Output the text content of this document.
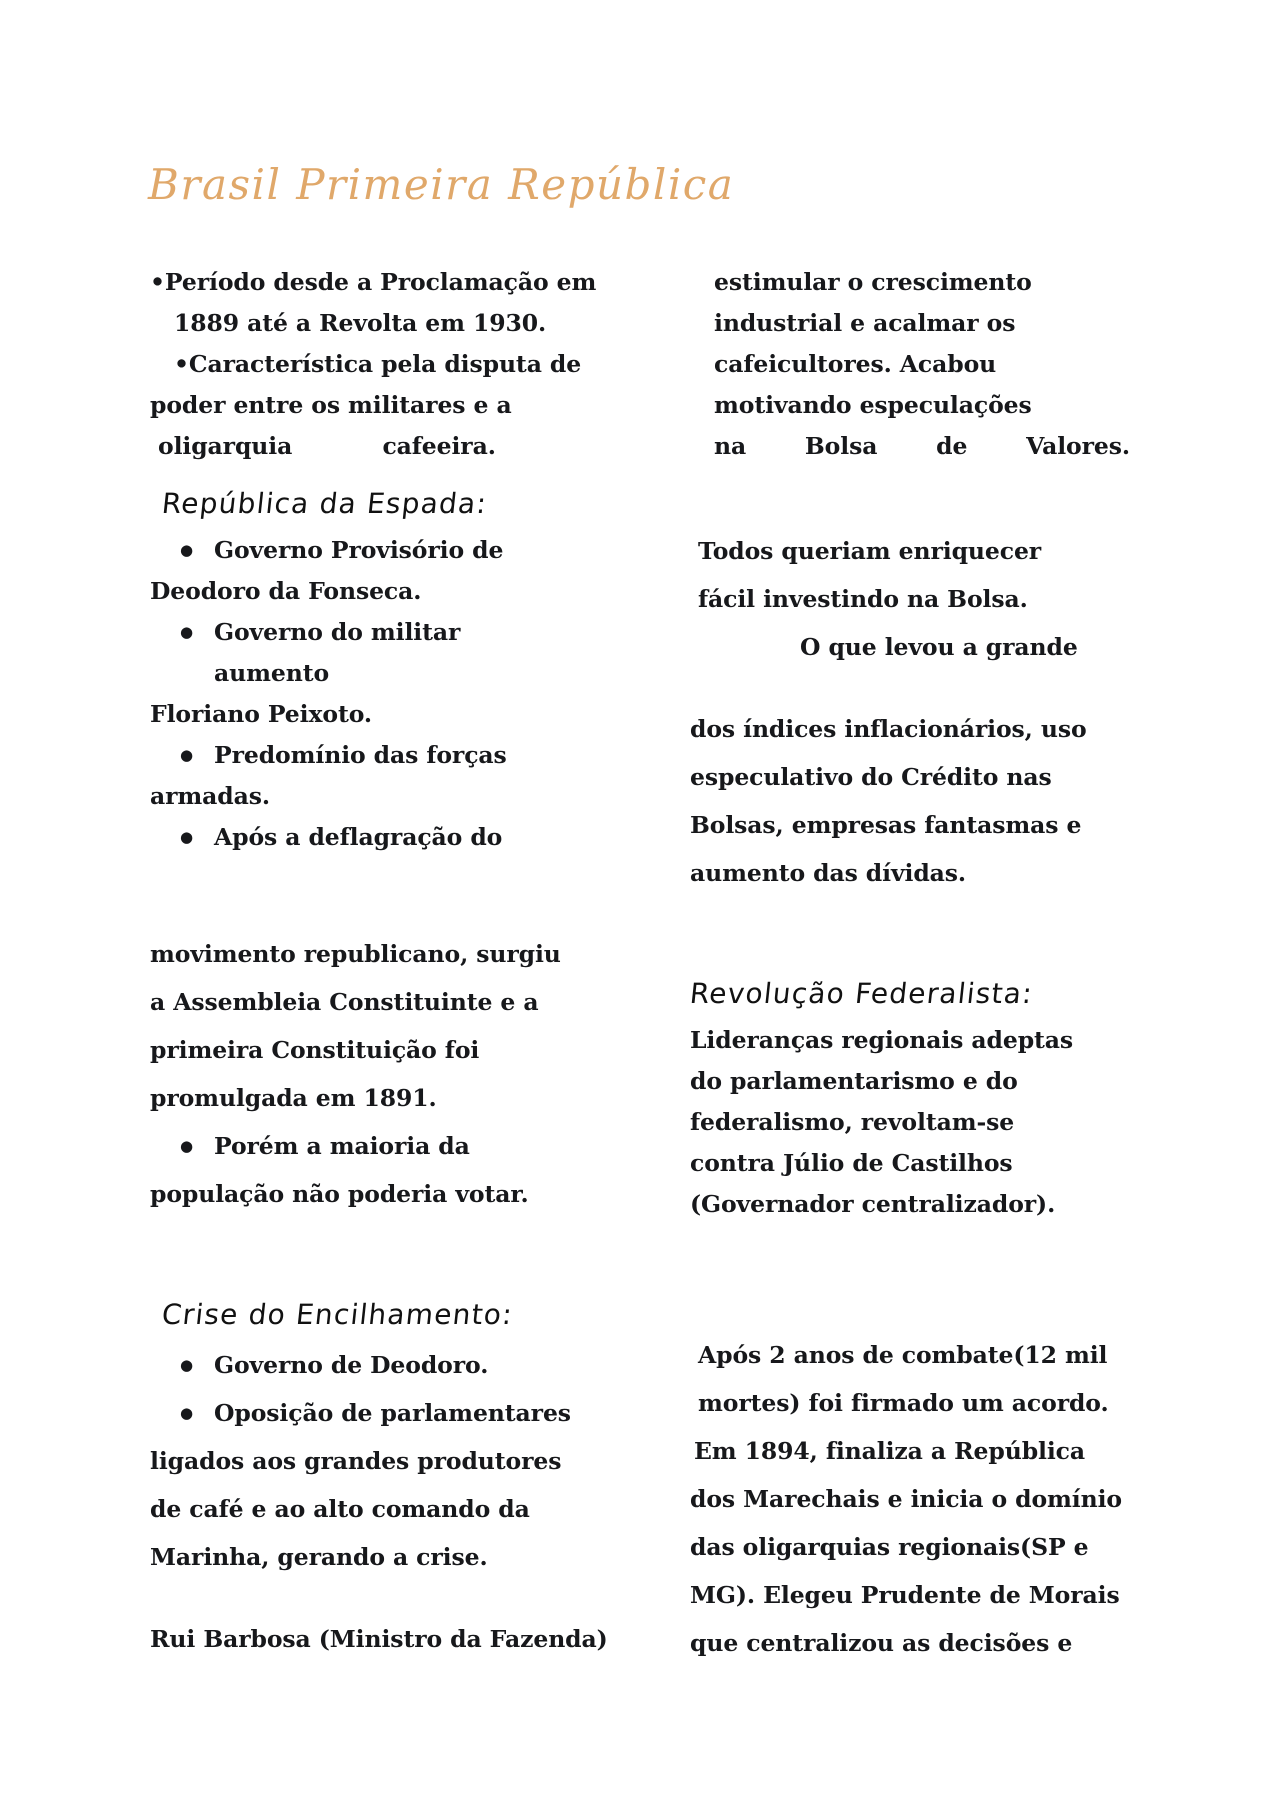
Brasil Primeira República

•Período desde a Proclamação em

1889 até a Revolta em 1930.

•Característica pela disputa de

poder entre os militares e a

oligarquia	cafeeira.

República da Espada:

●Governo Provisório de

Deodoro da Fonseca.

●Governo do militar

aumento

Floriano Peixoto.

●Predomínio das forças

armadas.

●Após a deflagração do

movimento republicano, surgiu

a Assembleia Constituinte e a

primeira Constituição foi

promulgada em 1891.

●Porém a maioria da

população não poderia votar.

Crise do Encilhamento:

●Governo de Deodoro.

●Oposição de parlamentares

ligados aos grandes produtores

de café e ao alto comando da

Marinha, gerando a crise.

Rui Barbosa (Ministro da Fazenda)

estimular o crescimento

industrial e acalmar os

cafeicultores. Acabou

motivando especulações

na	Bolsa	de	Valores.

Todos queriam enriquecer

fácil investindo na Bolsa.

O que levou a grande

dos índices inflacionários, uso

especulativo do Crédito nas

Bolsas, empresas fantasmas e

aumento das dívidas.

Revolução Federalista:

Lideranças regionais adeptas

do parlamentarismo e do

federalismo, revoltam-se

contra Júlio de Castilhos

(Governador centralizador).

Após 2 anos de combate(12 mil

mortes) foi firmado um acordo.

Em 1894, finaliza a República

dos Marechais e inicia o domínio

das oligarquias regionais(SP e

MG). Elegeu Prudente de Morais

que centralizou as decisões e
